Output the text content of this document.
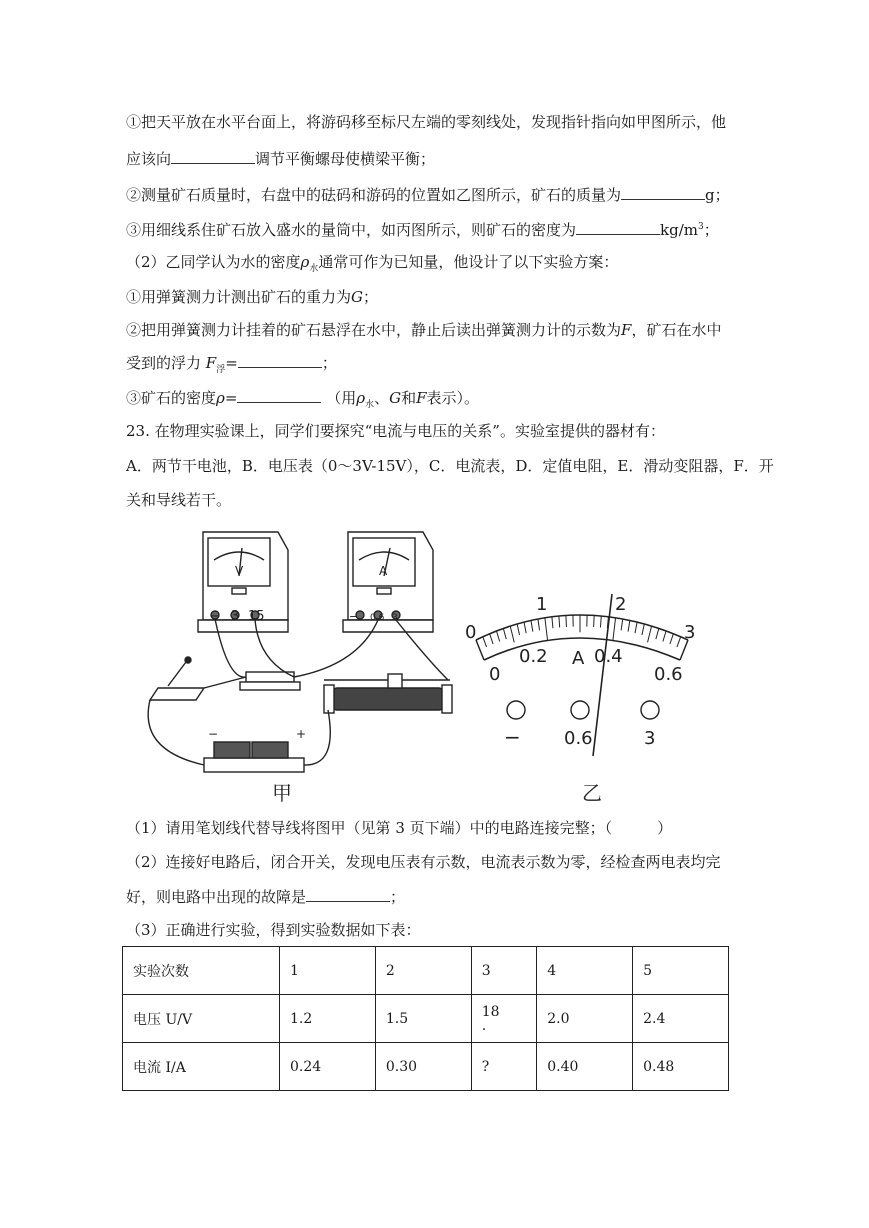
①把天平放在水平台面上，将游码移至标尺左端的零刻线处，发现指针指向如甲图所示，他
应该向	调节平衡螺母使横梁平衡；
②测量矿石质量时，右盘中的砝码和游码的位置如乙图所示，矿石的质量为	g；
③用细线系住矿石放入盛水的量筒中，如丙图所示，则矿石的密度为	$kg/m^3$；
（2）乙同学认为水的密度$\rho_水$通常可作为已知量，他设计了以下实验方案：
①用弹簧测力计测出矿石的重力为G；
②把用弹簧测力计挂着的矿石悬浮在水中，静止后读出弹簧测力计的示数为F，矿石在水中
受到的浮力 $F_浮=$	；
③矿石的密度ρ=	（用$\rho_水$、G和F表示）。
23. 在物理实验课上，同学们要探究“电流与电压的关系”。实验室提供的器材有：
A．两节干电池，B．电压表（0～3V-15V），C．电流表，D．定值电阻，E．滑动变阻器，F．开
关和导线若干。
V
− 3 15
A
− 0.6 3
−	+
甲
0
1	2
3
0
0.2 A 0.4
0.6
− 0.6	3
乙
（1）请用笔划线代替导线将图甲（见第 3 页下端）中的电路连接完整；（　　　）
（2）连接好电路后，闭合开关，发现电压表有示数，电流表示数为零，经检查两电表均完
好，则电路中出现的故障是	；
（3）正确进行实验，得到实验数据如下表：
实验次数	1	2	3	4	5
电压 U/V	1.2	1.5	18
.	2.0	2.4
电流 I/A	0.24	0.30	?	0.40	0.48
